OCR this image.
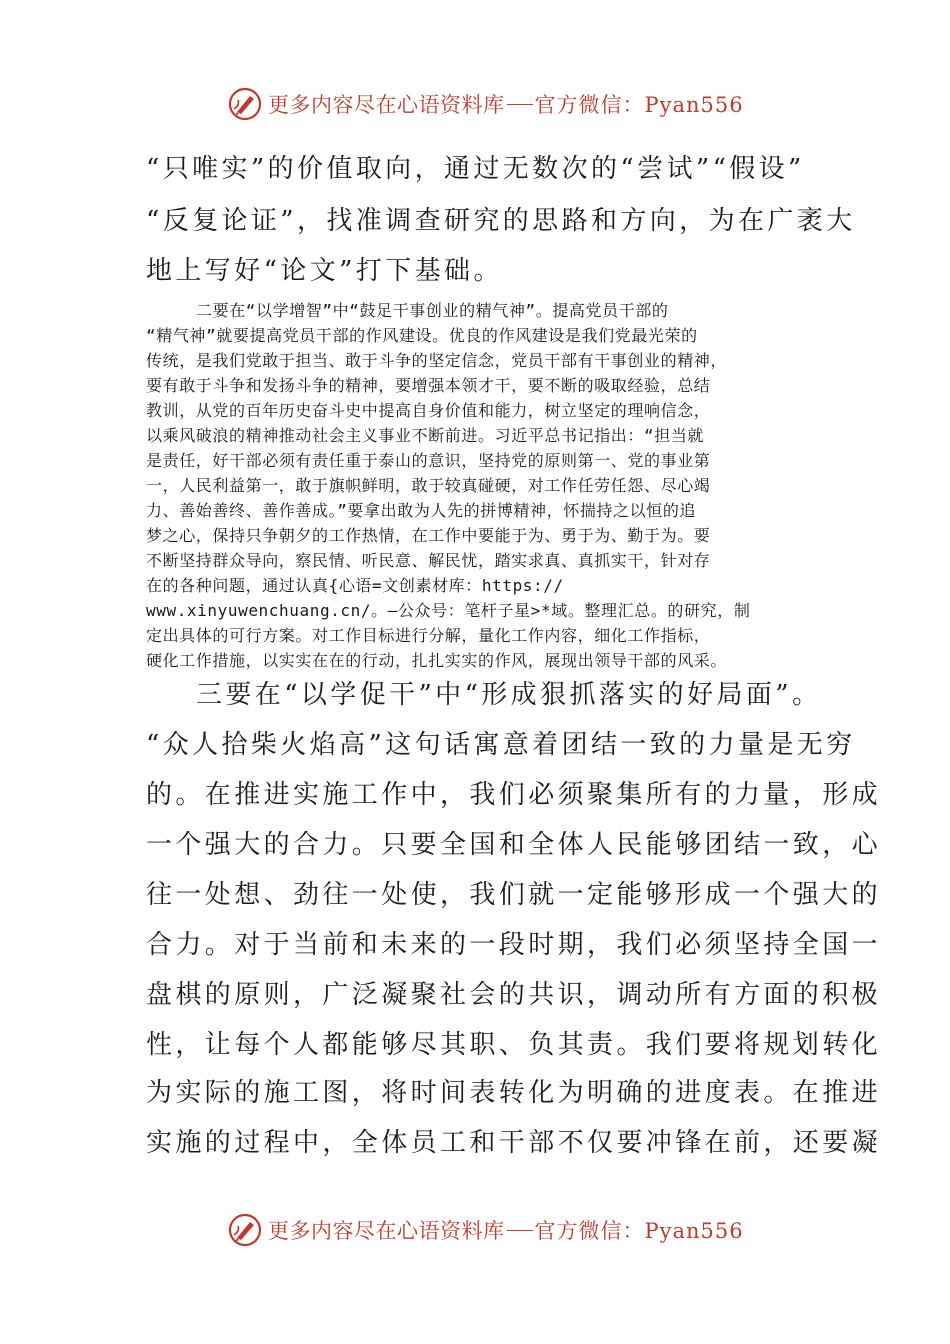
更多内容尽在心语资料库 官方微信：Pyan556
“只唯实”的价值取向，通过无数次的“尝试”“假设”
“反复论证”，找准调查研究的思路和方向，为在广袤大
地上写好“论文”打下基础。
二要在“以学增智”中“鼓足干事创业的精气神”。提高党员干部的
“精气神”就要提高党员干部的作风建设。优良的作风建设是我们党最光荣的
传统，是我们党敢于担当、敢于斗争的坚定信念，党员干部有干事创业的精神，
要有敢于斗争和发扬斗争的精神，要增强本领才干，要不断的吸取经验，总结
教训，从党的百年历史奋斗史中提高自身价值和能力，树立坚定的理响信念，
以乘风破浪的精神推动社会主义事业不断前进。习近平总书记指出：“担当就
是责任，好干部必须有责任重于泰山的意识，坚持党的原则第一、党的事业第
一，人民利益第一，敢于旗帜鲜明，敢于较真碰硬，对工作任劳任怨、尽心竭
力、善始善终、善作善成。”要拿出敢为人先的拼博精神，怀揣持之以恒的追
梦之心，保持只争朝夕的工作热情，在工作中要能于为、勇于为、勤于为。要
不断坚持群众导向，察民情、听民意、解民忧，踏实求真、真抓实干，针对存
在的各种问题，通过认真{心语=文创素材库：https://
www.xinyuwenchuang.cn/。—公众号：笔杆子星>*域。整理汇总。的研究，制
定出具体的可行方案。对工作目标进行分解，量化工作内容，细化工作指标，
硬化工作措施，以实实在在的行动，扎扎实实的作风，展现出领导干部的风采。
三要在“以学促干”中“形成狠抓落实的好局面”。
“众人拾柴火焰高”这句话寓意着团结一致的力量是无穷
的。在推进实施工作中，我们必须聚集所有的力量，形成
一个强大的合力。只要全国和全体人民能够团结一致，心
往一处想、劲往一处使，我们就一定能够形成一个强大的
合力。对于当前和未来的一段时期，我们必须坚持全国一
盘棋的原则，广泛凝聚社会的共识，调动所有方面的积极
性，让每个人都能够尽其职、负其责。我们要将规划转化
为实际的施工图，将时间表转化为明确的进度表。在推进
实施的过程中，全体员工和干部不仅要冲锋在前，还要凝
更多内容尽在心语资料库 官方微信：Pyan556
